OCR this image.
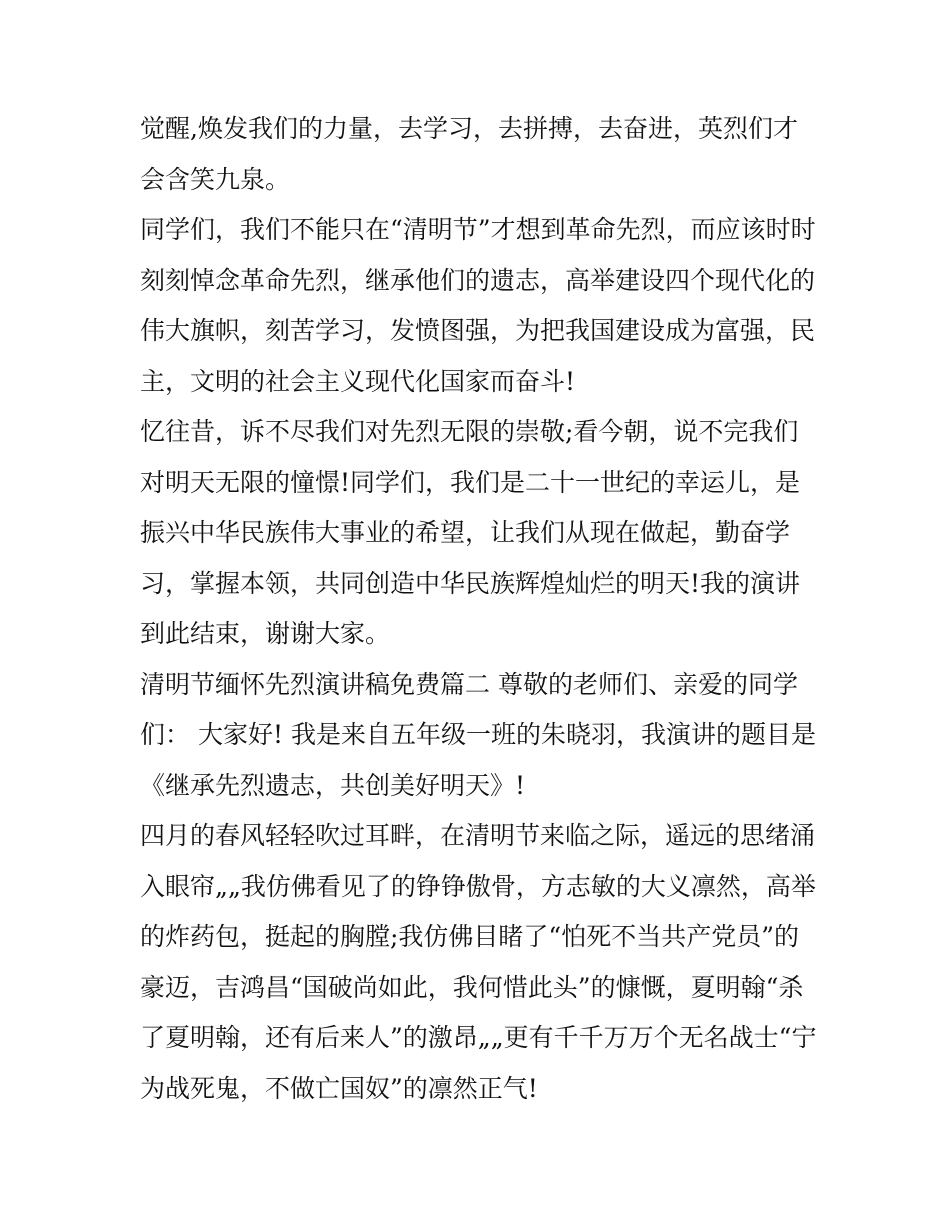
觉醒,焕发我们的力量，去学习，去拼搏，去奋进，英烈们才
会含笑九泉。
同学们，我们不能只在“清明节”才想到革命先烈，而应该时时
刻刻悼念革命先烈，继承他们的遗志，高举建设四个现代化的
伟大旗帜，刻苦学习，发愤图强，为把我国建设成为富强，民
主，文明的社会主义现代化国家而奋斗!
忆往昔，诉不尽我们对先烈无限的崇敬;看今朝，说不完我们
对明天无限的憧憬!同学们，我们是二十一世纪的幸运儿，是
振兴中华民族伟大事业的希望，让我们从现在做起，勤奋学
习，掌握本领，共同创造中华民族辉煌灿烂的明天!我的演讲
到此结束，谢谢大家。
清明节缅怀先烈演讲稿免费篇二 尊敬的老师们、亲爱的同学
们： 大家好! 我是来自五年级一班的朱晓羽，我演讲的题目是
《继承先烈遗志，共创美好明天》!
四月的春风轻轻吹过耳畔，在清明节来临之际，遥远的思绪涌
入眼帘„„我仿佛看见了的铮铮傲骨，方志敏的大义凛然，高举
的炸药包，挺起的胸膛;我仿佛目睹了“怕死不当共产党员”的
豪迈，吉鸿昌“国破尚如此，我何惜此头”的慷慨，夏明翰“杀
了夏明翰，还有后来人”的激昂„„更有千千万万个无名战士“宁
为战死鬼，不做亡国奴”的凛然正气!
